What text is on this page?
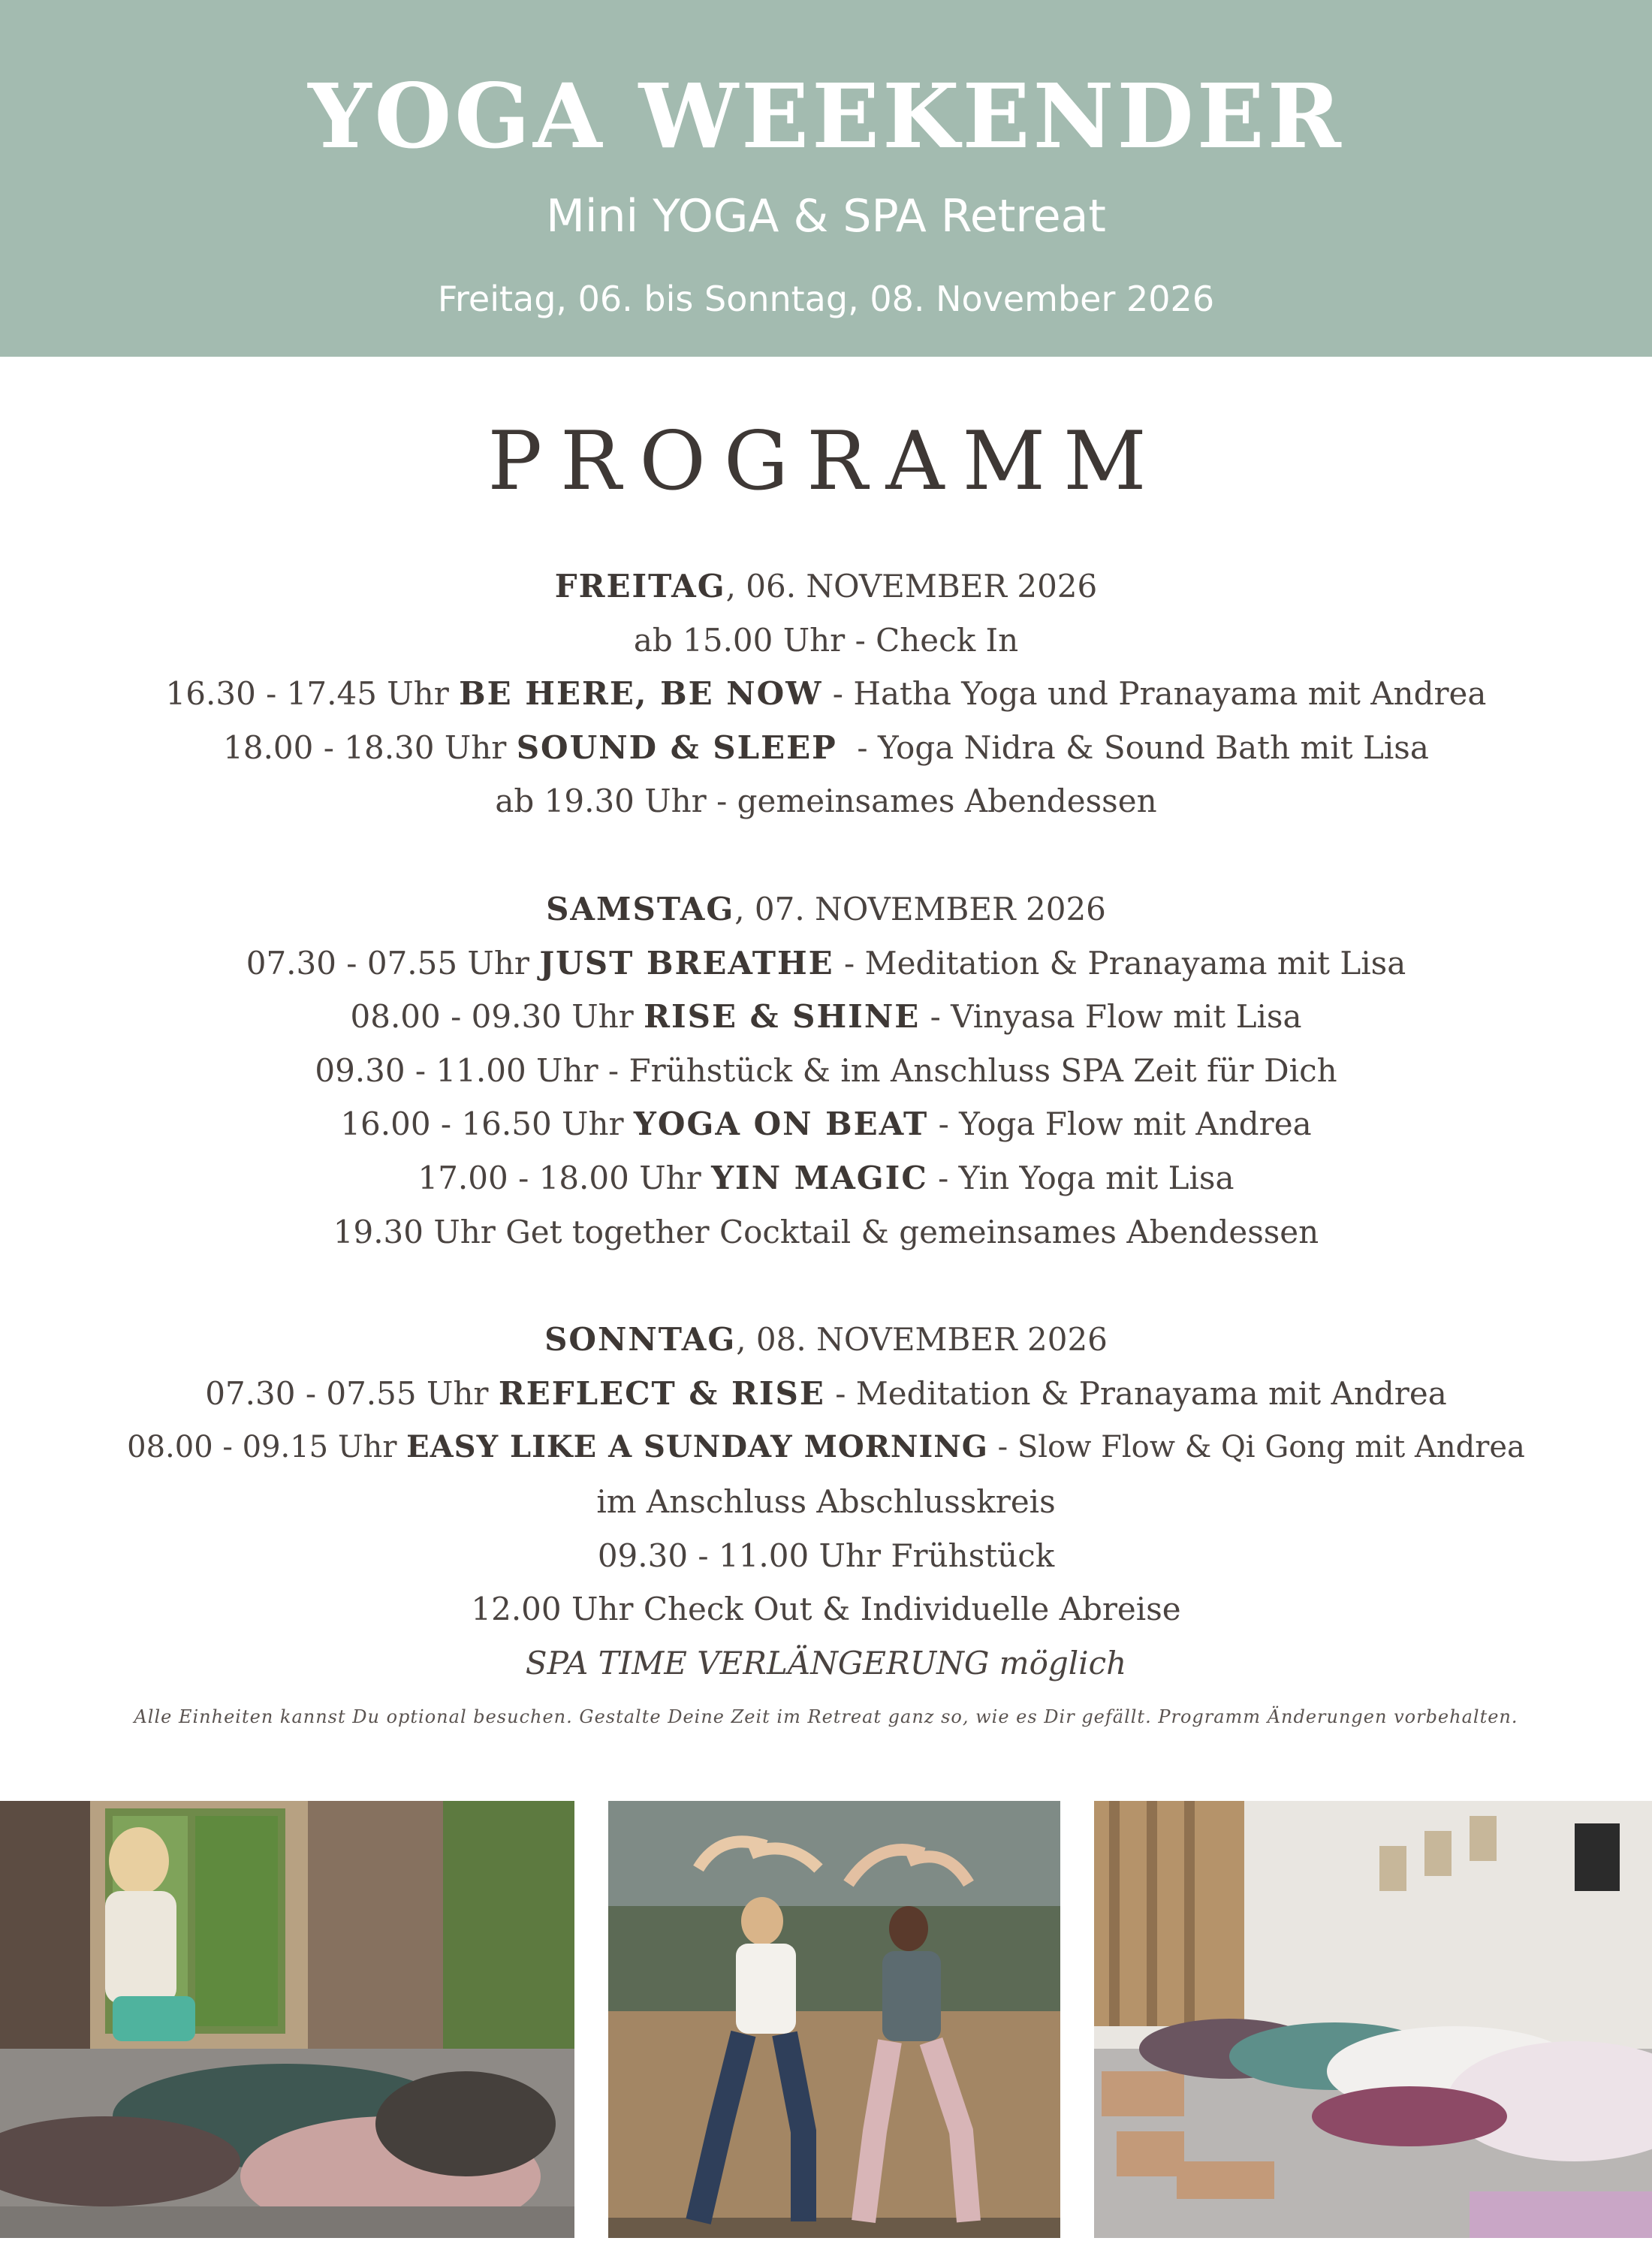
YOGA WEEKENDER
Mini YOGA & SPA Retreat
Freitag, 06. bis Sonntag, 08. November 2026
PROGRAMM
FREITAG, 06. NOVEMBER 2026
ab 15.00 Uhr - Check In
16.30 - 17.45 Uhr BE HERE, BE NOW - Hatha Yoga und Pranayama mit Andrea
18.00 - 18.30 Uhr SOUND & SLEEP  - Yoga Nidra & Sound Bath mit Lisa
ab 19.30 Uhr - gemeinsames Abendessen
SAMSTAG, 07. NOVEMBER 2026
07.30 - 07.55 Uhr JUST BREATHE - Meditation & Pranayama mit Lisa
08.00 - 09.30 Uhr RISE & SHINE - Vinyasa Flow mit Lisa
09.30 - 11.00 Uhr - Frühstück & im Anschluss SPA Zeit für Dich
16.00 - 16.50 Uhr YOGA ON BEAT - Yoga Flow mit Andrea
17.00 - 18.00 Uhr YIN MAGIC - Yin Yoga mit Lisa
19.30 Uhr Get together Cocktail & gemeinsames Abendessen
SONNTAG, 08. NOVEMBER 2026
07.30 - 07.55 Uhr REFLECT & RISE - Meditation & Pranayama mit Andrea
08.00 - 09.15 Uhr EASY LIKE A SUNDAY MORNING - Slow Flow & Qi Gong mit Andrea
im Anschluss Abschlusskreis
09.30 - 11.00 Uhr Frühstück
12.00 Uhr Check Out & Individuelle Abreise
SPA TIME VERLÄNGERUNG möglich
Alle Einheiten kannst Du optional besuchen. Gestalte Deine Zeit im Retreat ganz so, wie es Dir gefällt. Programm Änderungen vorbehalten.
